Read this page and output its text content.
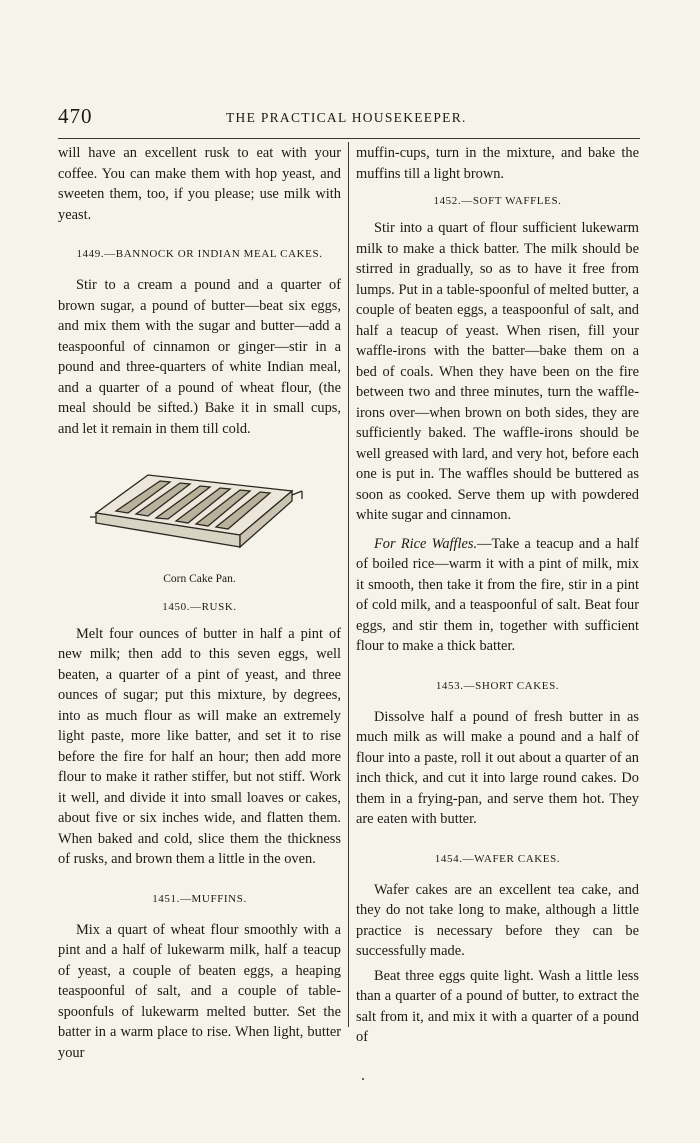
470	THE PRACTICAL HOUSEKEEPER.

will have an excellent rusk to eat with your coffee. You can make them with hop yeast, and sweeten them, too, if you please; use milk with yeast.

1449.—BANNOCK OR INDIAN MEAL CAKES.

Stir to a cream a pound and a quarter of brown sugar, a pound of butter—beat six eggs, and mix them with the sugar and butter—add a teaspoonful of cinnamon or ginger—stir in a pound and three-quarters of white Indian meal, and a quarter of a pound of wheat flour, (the meal should be sifted.) Bake it in small cups, and let it remain in them till cold.

Corn Cake Pan.
1450.—RUSK.

Melt four ounces of butter in half a pint of new milk; then add to this seven eggs, well beaten, a quarter of a pint of yeast, and three ounces of sugar; put this mixture, by degrees, into as much flour as will make an extremely light paste, more like batter, and set it to rise before the fire for half an hour; then add more flour to make it rather stiffer, but not stiff. Work it well, and divide it into small loaves or cakes, about five or six inches wide, and flatten them. When baked and cold, slice them the thickness of rusks, and brown them a little in the oven.

1451.—MUFFINS.

Mix a quart of wheat flour smoothly with a pint and a half of lukewarm milk, half a teacup of yeast, a couple of beaten eggs, a heaping teaspoonful of salt, and a couple of table-spoonfuls of lukewarm melted butter. Set the batter in a warm place to rise. When light, butter your

muffin-cups, turn in the mixture, and bake the muffins till a light brown.

1452.—SOFT WAFFLES.

Stir into a quart of flour sufficient lukewarm milk to make a thick batter. The milk should be stirred in gradually, so as to have it free from lumps. Put in a table-spoonful of melted butter, a couple of beaten eggs, a teaspoonful of salt, and half a teacup of yeast. When risen, fill your waffle-irons with the batter—bake them on a bed of coals. When they have been on the fire between two and three minutes, turn the waffle-irons over—when brown on both sides, they are sufficiently baked. The waffle-irons should be well greased with lard, and very hot, before each one is put in. The waffles should be buttered as soon as cooked. Serve them up with powdered white sugar and cinnamon.

For Rice Waffles.—Take a teacup and a half of boiled rice—warm it with a pint of milk, mix it smooth, then take it from the fire, stir in a pint of cold milk, and a teaspoonful of salt. Beat four eggs, and stir them in, together with sufficient flour to make a thick batter.

1453.—SHORT CAKES.

Dissolve half a pound of fresh butter in as much milk as will make a pound and a half of flour into a paste, roll it out about a quarter of an inch thick, and cut it into large round cakes. Do them in a frying-pan, and serve them hot. They are eaten with butter.

1454.—WAFER CAKES.

Wafer cakes are an excellent tea cake, and they do not take long to make, although a little practice is necessary before they can be successfully made.

Beat three eggs quite light. Wash a little less than a quarter of a pound of butter, to extract the salt from it, and mix it with a quarter of a pound of
